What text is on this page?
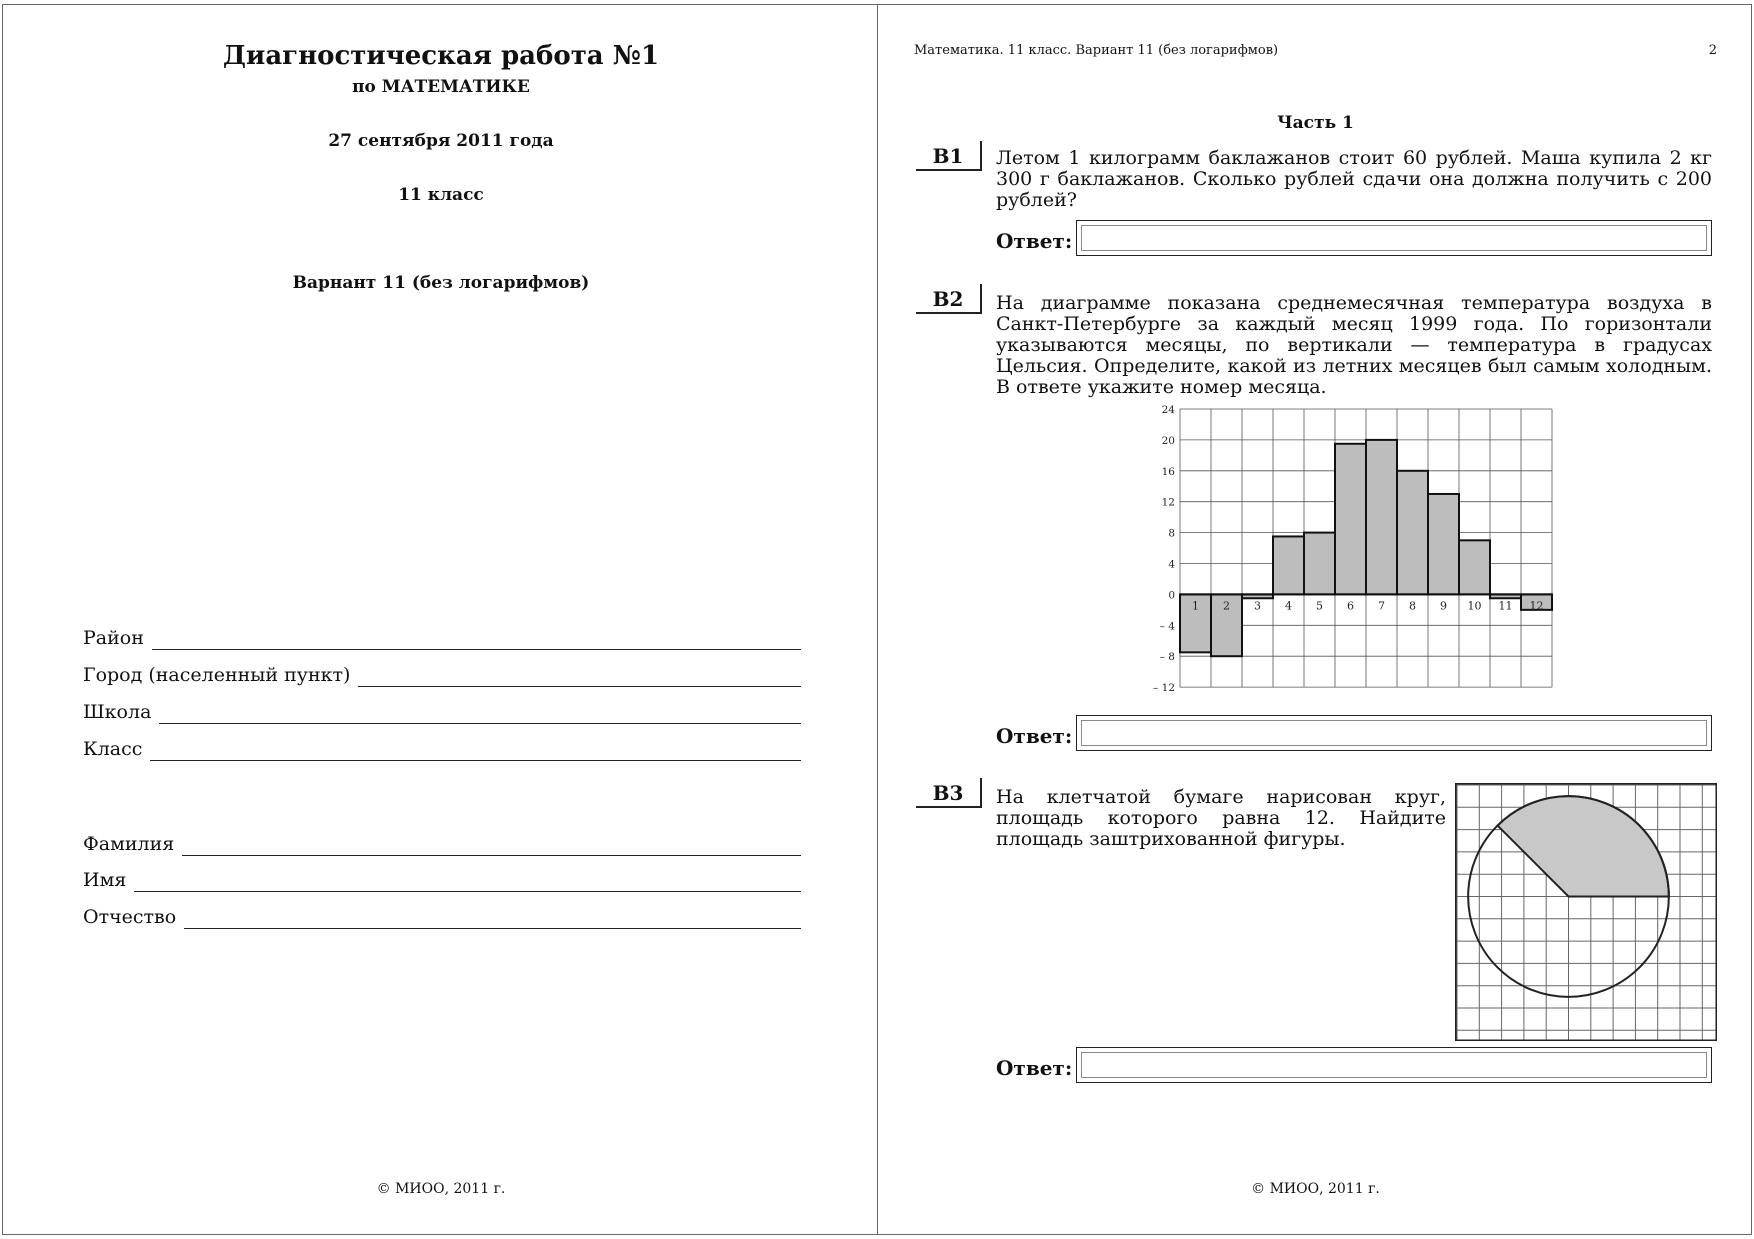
Диагностическая работа №1
по МАТЕМАТИКЕ
27 сентября 2011 года
11 класс
Варнант 11 (без логарифмов)
Район
Город (населенный пункт)
Школа
Класс
Фамилия
Имя
Отчество
© МИОО, 2011 г.
Математика. 11 класс. Вариант 11 (без логарифмов)	2
Часть 1
B1	Летом 1 килограмм баклажанов стоит 60 рублей. Маша купила 2 кг 300 г баклажанов. Сколько рублей сдачи она должна получить с 200 рублей?
Ответ:
B2	На диаграмме показана среднемесячная температура воздуха в Санкт-Петербурге за каждый месяц 1999 года. По горизонтали указываются месяцы, по вертикали — температура в градусах Цельсия. Определите, какой из летних месяцев был самым холодным. В ответе укажите номер месяца.
24
20
16
12
8
4
0
– 4
– 8
– 12
1 2 3 4 5 6 7 8 9 10 11 12
Ответ:
B3	На клетчатой бумаге нарисован круг, площадь которого равна 12. Найдите площадь заштрихованной фигуры.
Ответ:
© МИОО, 2011 г.
